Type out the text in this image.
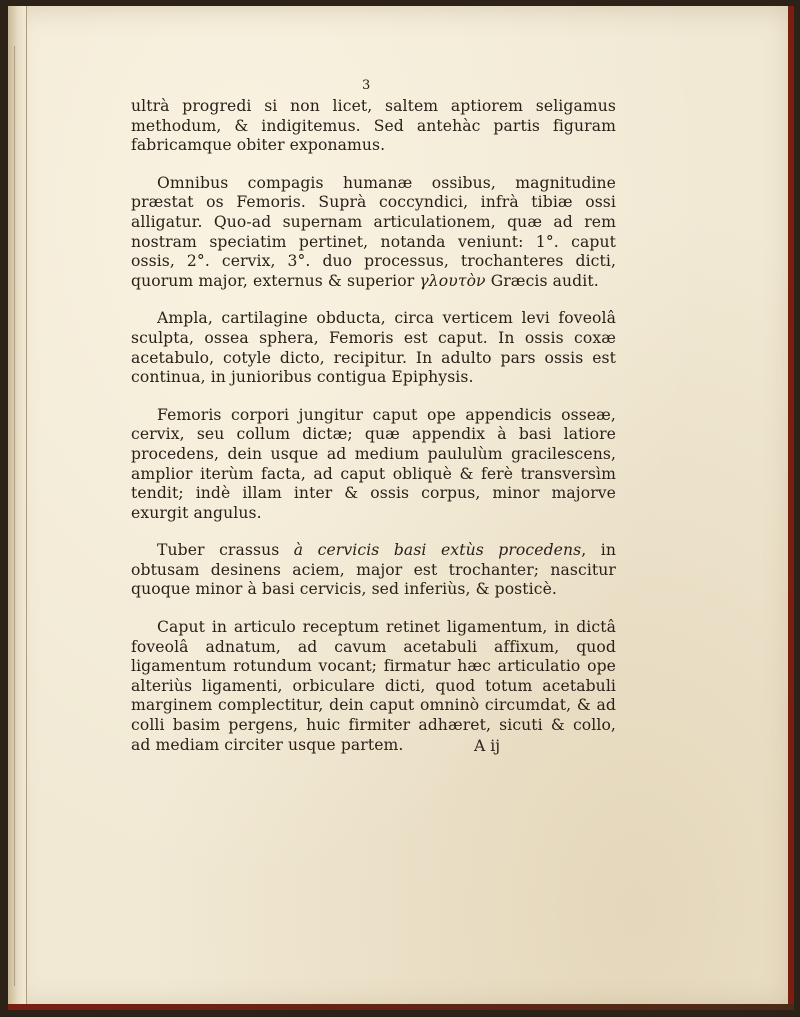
3

ultrà progredi si non licet, saltem aptiorem seligamus methodum, & indigitemus. Sed antehàc partis figuram fabricamque obiter exponamus.

Omnibus compagis humanæ ossibus, magnitudine præstat os Femoris. Suprà coccyndici, infrà tibiæ ossi alligatur. Quo-ad supernam articulationem, quæ ad rem nostram speciatim pertinet, notanda veniunt: 1°. caput ossis, 2°. cervix, 3°. duo processus, trochanteres dicti, quorum major, externus & superior γλουτὸν Græcis audit.

Ampla, cartilagine obducta, circa verticem levi foveolâ sculpta, ossea sphera, Femoris est caput. In ossis coxæ acetabulo, cotyle dicto, recipitur. In adulto pars ossis est continua, in junioribus contigua Epiphysis.

Femoris corpori jungitur caput ope appendicis osseæ, cervix, seu collum dictæ; quæ appendix à basi latiore procedens, dein usque ad medium paululùm gracilescens, amplior iterùm facta, ad caput obliquè & ferè transversìm tendit; indè illam inter & ossis corpus, minor majorve exurgit angulus.

Tuber crassus à cervicis basi extùs procedens, in obtusam desinens aciem, major est trochanter; nascitur quoque minor à basi cervicis, sed inferiùs, & posticè.

Caput in articulo receptum retinet ligamentum, in dictâ foveolâ adnatum, ad cavum acetabuli affixum, quod ligamentum rotundum vocant; firmatur hæc articulatio ope alteriùs ligamenti, orbiculare dicti, quod totum acetabuli marginem complectitur, dein caput omninò circumdat, & ad colli basim pergens, huic firmiter adhæret, sicuti & collo, ad mediam circiter usque partem.	A ij
